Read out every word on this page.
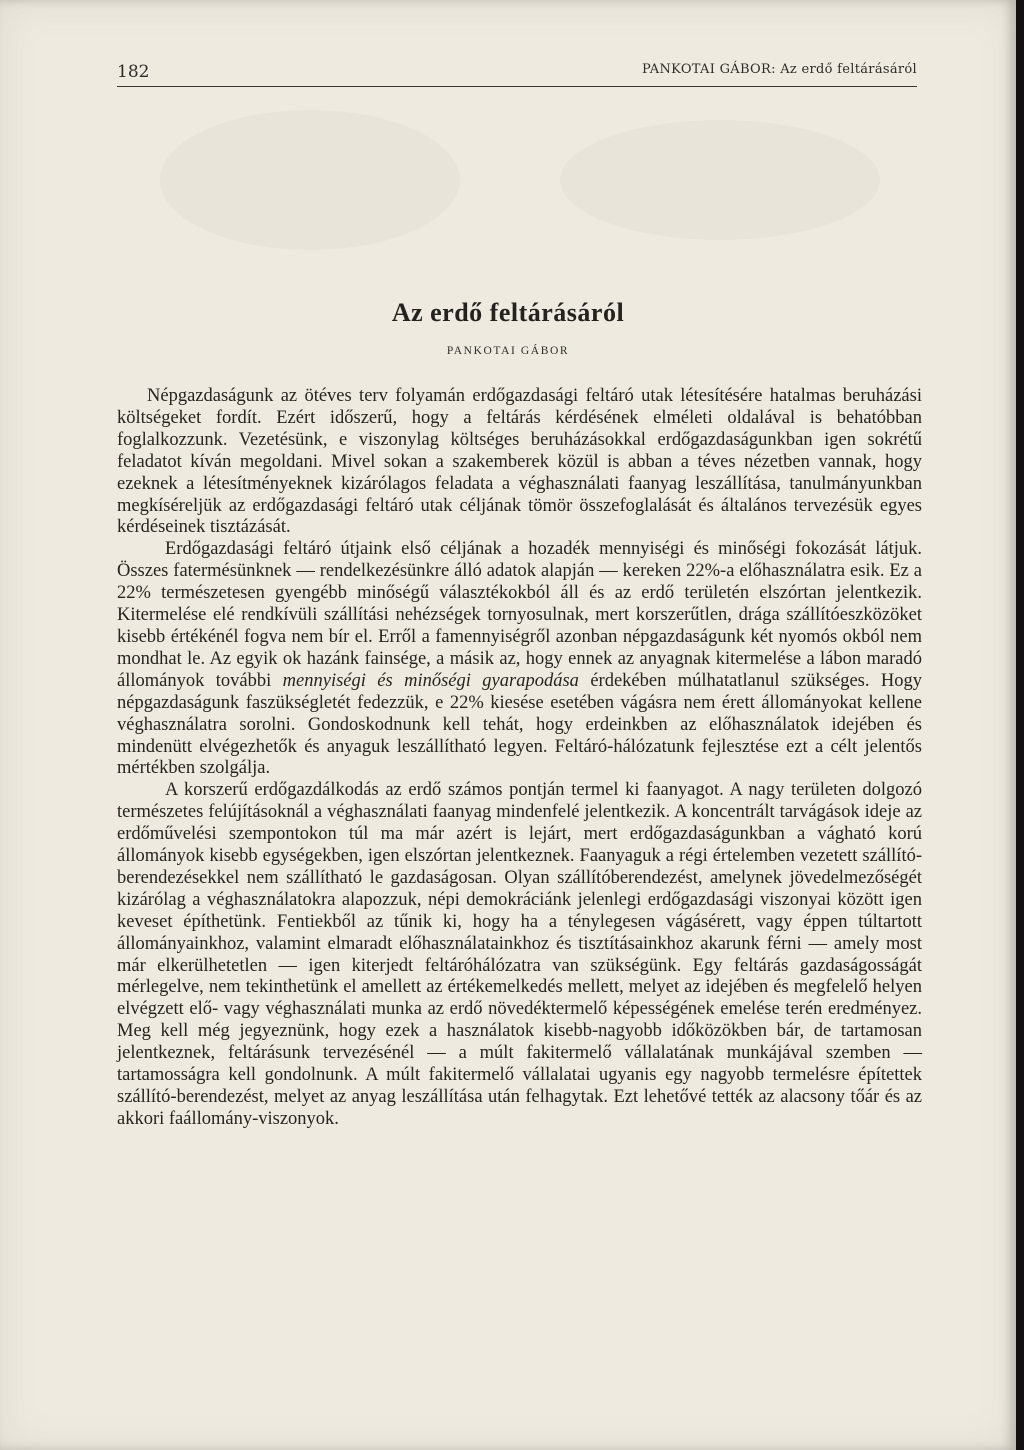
182	PANKOTAI GÁBOR: Az erdő feltárásáról
Az erdő feltárásáról
PANKOTAI GÁBOR

Népgazdaságunk az ötéves terv folyamán erdőgazdasági feltáró utak létesítésére hatalmas beruházási költségeket fordít. Ezért időszerű, hogy a feltárás kérdésének elméleti oldalával is behatóbban foglalkozzunk. Vezetésünk, e viszonylag költséges beruházásokkal erdőgazdaságunkban igen sokrétű feladatot kíván megoldani. Mivel sokan a szakemberek közül is abban a téves nézetben vannak, hogy ezeknek a létesítményeknek kizárólagos feladata a véghasználati faanyag leszállítása, tanulmányunkban megkíséreljük az erdőgazdasági feltáró utak céljának tömör összefoglalását és általános tervezésük egyes kérdéseinek tisztázását.

Erdőgazdasági feltáró útjaink első céljának a hozadék mennyiségi és minőségi fokozását látjuk. Összes fatermésünknek — rendelkezésünkre álló adatok alapján — kereken 22%-a előhasználatra esik. Ez a 22% természetesen gyengébb minőségű választékokból áll és az erdő területén elszórtan jelentkezik. Kitermelése elé rendkívüli szállítási nehézségek tornyosulnak, mert korszerűtlen, drága szállítóeszközöket kisebb értékénél fogva nem bír el. Erről a famennyiségről azonban népgazdaságunk két nyomós okból nem mondhat le. Az egyik ok hazánk fainsége, a másik az, hogy ennek az anyagnak kitermelése a lábon maradó állományok további mennyiségi és minőségi gyarapodása érdekében múlhatatlanul szükséges. Hogy népgazdaságunk faszükségletét fedezzük, e 22% kiesése esetében vágásra nem érett állományokat kellene véghasználatra sorolni. Gondoskodnunk kell tehát, hogy erdeinkben az előhasználatok idejében és mindenütt elvégezhetők és anyaguk leszállítható legyen. Feltáró-hálózatunk fejlesztése ezt a célt jelentős mértékben szolgálja.

A korszerű erdőgazdálkodás az erdő számos pontján termel ki faanyagot. A nagy területen dolgozó természetes felújításoknál a véghasználati faanyag mindenfelé jelentkezik. A koncentrált tarvágások ideje az erdőművelési szempontokon túl ma már azért is lejárt, mert erdőgazdaságunkban a vágható korú állományok kisebb egységekben, igen elszórtan jelentkeznek. Faanyaguk a régi értelemben vezetett szállító-berendezésekkel nem szállítható le gazdaságosan. Olyan szállítóberendezést, amelynek jövedelmezőségét kizárólag a véghasználatokra alapozzuk, népi demokráciánk jelenlegi erdőgazdasági viszonyai között igen keveset építhetünk. Fentiekből az tűnik ki, hogy ha a ténylegesen vágásérett, vagy éppen túltartott állományainkhoz, valamint elmaradt előhasználatainkhoz és tisztításainkhoz akarunk férni — amely most már elkerülhetetlen — igen kiterjedt feltáróhálózatra van szükségünk. Egy feltárás gazdaságosságát mérlegelve, nem tekinthetünk el amellett az értékemelkedés mellett, melyet az idejében és megfelelő helyen elvégzett elő- vagy véghasználati munka az erdő növedéktermelő képességének emelése terén eredményez. Meg kell még jegyeznünk, hogy ezek a használatok kisebb-nagyobb időközökben bár, de tartamosan jelentkeznek, feltárásunk tervezésénél — a múlt fakitermelő vállalatának munkájával szemben — tartamosságra kell gondolnunk. A múlt fakitermelő vállalatai ugyanis egy nagyobb termelésre építettek szállító-berendezést, melyet az anyag leszállítása után felhagytak. Ezt lehetővé tették az alacsony tőár és az akkori faállomány-viszonyok.
